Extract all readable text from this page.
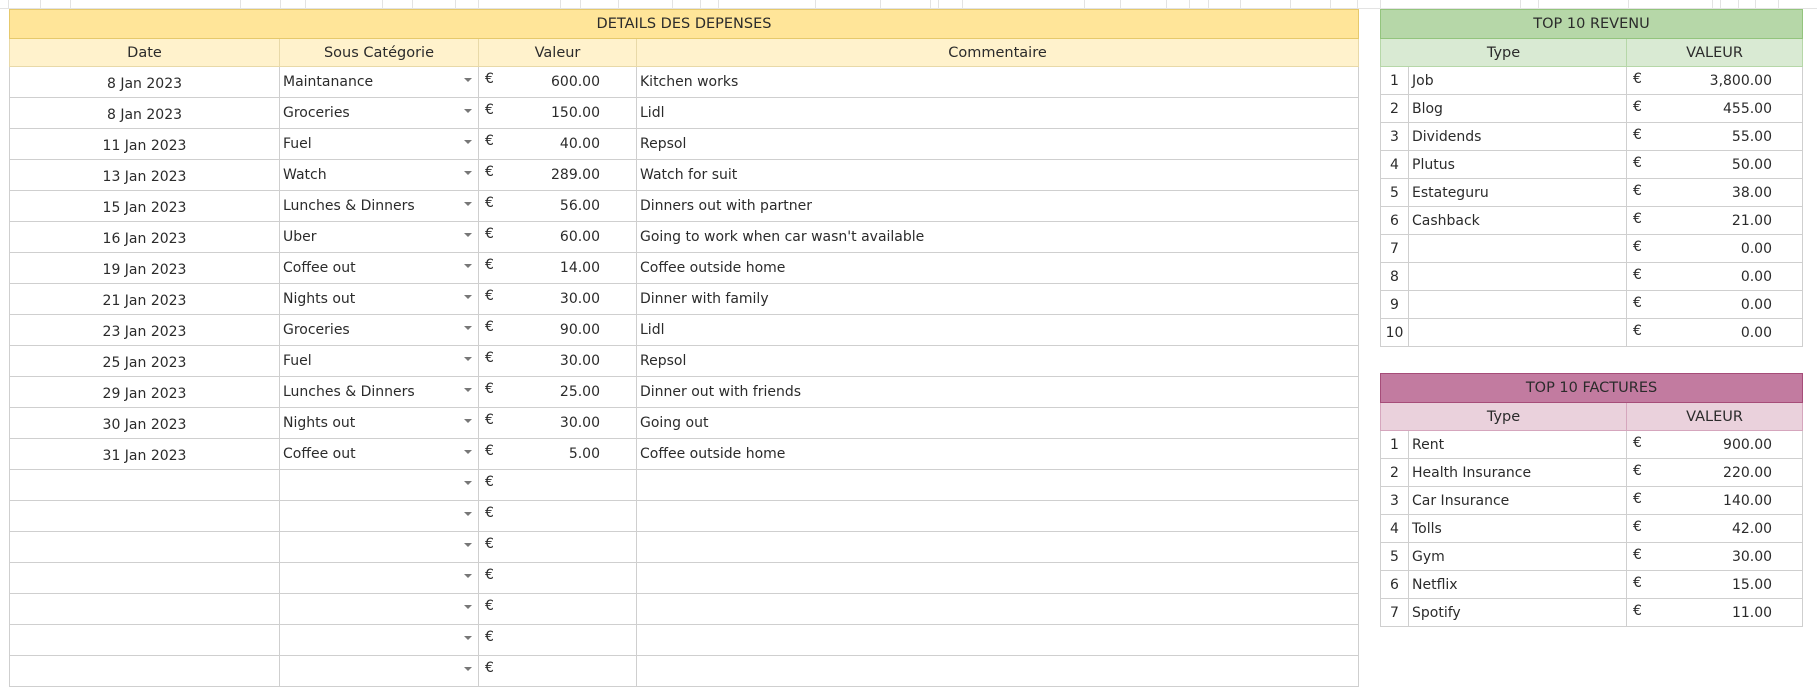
DETAILS DES DEPENSES			
Date	Sous Catégorie	Valeur	Commentaire
8 Jan 2023	Maintanance	€ 600.00	Kitchen works
8 Jan 2023	Groceries	€ 150.00	Lidl
11 Jan 2023	Fuel	€ 40.00	Repsol
13 Jan 2023	Watch	€ 289.00	Watch for suit
15 Jan 2023	Lunches & Dinners	€ 56.00	Dinners out with partner
16 Jan 2023	Uber	€ 60.00	Going to work when car wasn't available
19 Jan 2023	Coffee out	€ 14.00	Coffee outside home
21 Jan 2023	Nights out	€ 30.00	Dinner with family
23 Jan 2023	Groceries	€ 90.00	Lidl
25 Jan 2023	Fuel	€ 30.00	Repsol
29 Jan 2023	Lunches & Dinners	€ 25.00	Dinner out with friends
30 Jan 2023	Nights out	€ 30.00	Going out
31 Jan 2023	Coffee out	€ 5.00	Coffee outside home

		€	

		€	

		€	

		€	

		€	

		€	

		€	

TOP 10 REVENU		
Type		VALEUR
1	Job	€ 3,800.00
2	Blog	€ 455.00
3	Dividends	€ 55.00
4	Plutus	€ 50.00
5	Estateguru	€ 38.00
6	Cashback	€ 21.00
7		€ 0.00
8		€ 0.00
9		€ 0.00
10		€ 0.00
TOP 10 FACTURES		
Type		VALEUR
1	Rent	€ 900.00
2	Health Insurance	€ 220.00
3	Car Insurance	€ 140.00
4	Tolls	€ 42.00
5	Gym	€ 30.00
6	Netflix	€ 15.00
7	Spotify	€ 11.00
